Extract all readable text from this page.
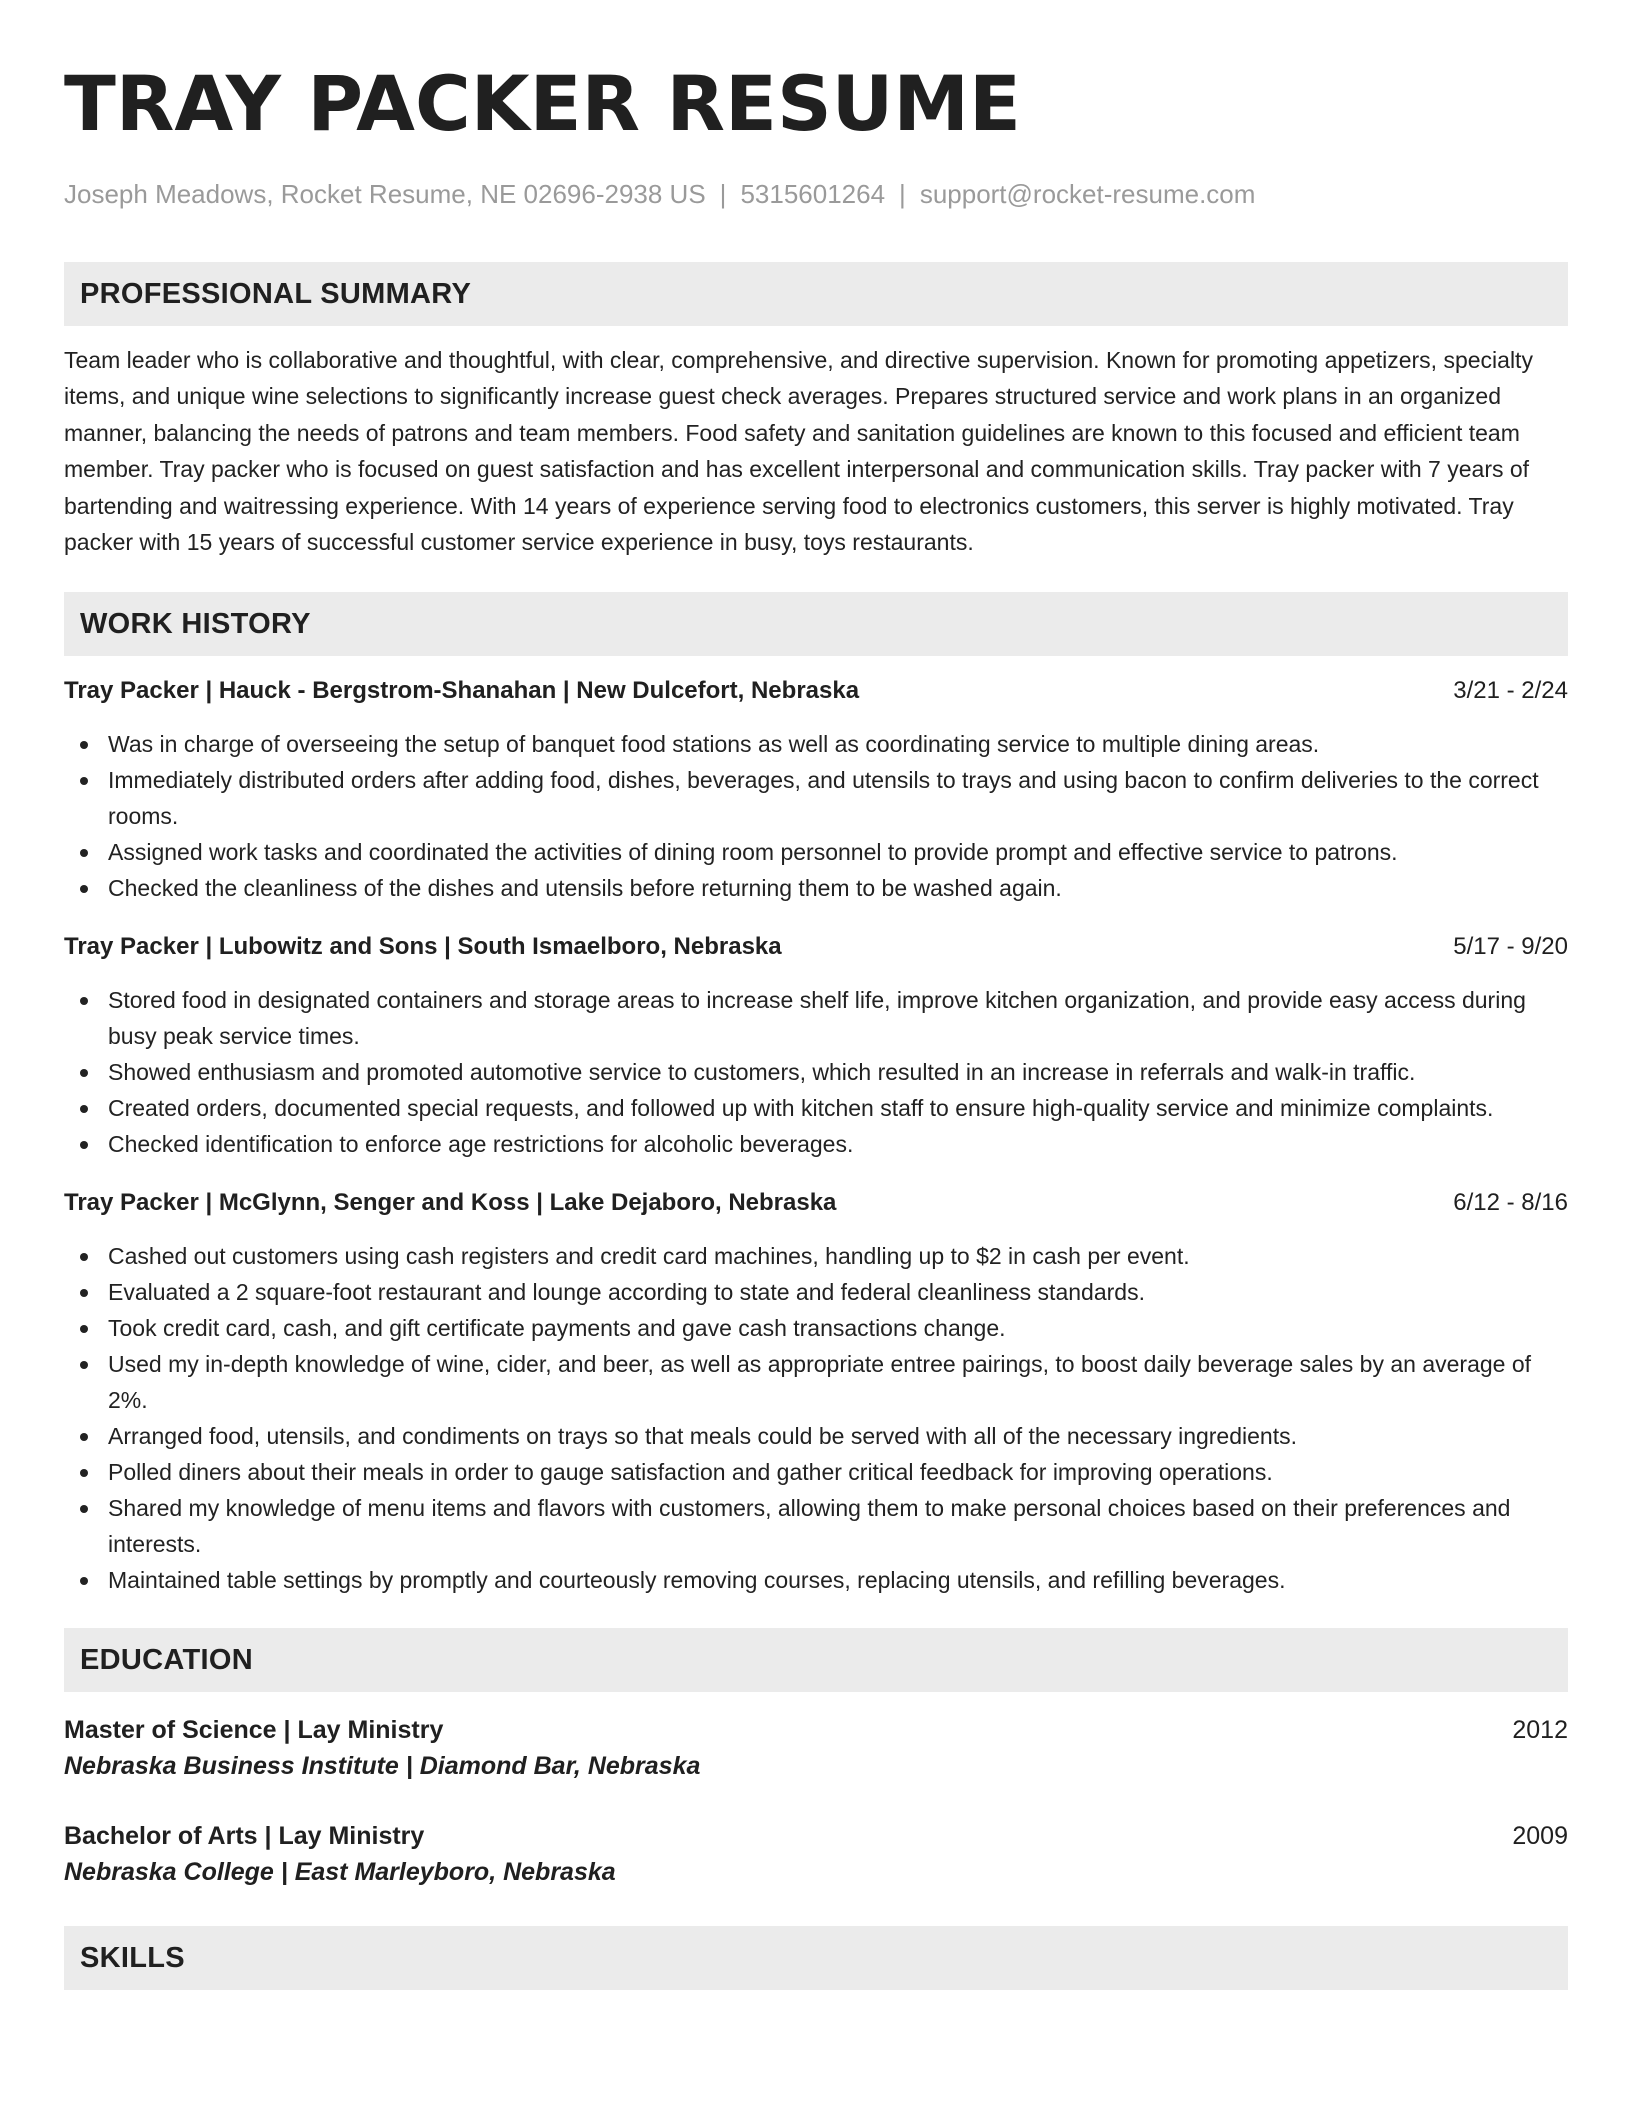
TRAY PACKER RESUME
Joseph Meadows, Rocket Resume, NE 02696-2938 US | 5315601264 | support@rocket-resume.com
PROFESSIONAL SUMMARY

Team leader who is collaborative and thoughtful, with clear, comprehensive, and directive supervision. Known for promoting appetizers, specialty items, and unique wine selections to significantly increase guest check averages. Prepares structured service and work plans in an organized manner, balancing the needs of patrons and team members. Food safety and sanitation guidelines are known to this focused and efficient team member. Tray packer who is focused on guest satisfaction and has excellent interpersonal and communication skills. Tray packer with 7 years of bartending and waitressing experience. With 14 years of experience serving food to electronics customers, this server is highly motivated. Tray packer with 15 years of successful customer service experience in busy, toys restaurants.

WORK HISTORY
Tray Packer | Hauck - Bergstrom-Shanahan | New Dulcefort, Nebraska	3/21 - 2/24
Was in charge of overseeing the setup of banquet food stations as well as coordinating service to multiple dining areas.
Immediately distributed orders after adding food, dishes, beverages, and utensils to trays and using bacon to confirm deliveries to the correct rooms.
Assigned work tasks and coordinated the activities of dining room personnel to provide prompt and effective service to patrons.
Checked the cleanliness of the dishes and utensils before returning them to be washed again.
Tray Packer | Lubowitz and Sons | South Ismaelboro, Nebraska	5/17 - 9/20
Stored food in designated containers and storage areas to increase shelf life, improve kitchen organization, and provide easy access during busy peak service times.
Showed enthusiasm and promoted automotive service to customers, which resulted in an increase in referrals and walk-in traffic.
Created orders, documented special requests, and followed up with kitchen staff to ensure high-quality service and minimize complaints.
Checked identification to enforce age restrictions for alcoholic beverages.
Tray Packer | McGlynn, Senger and Koss | Lake Dejaboro, Nebraska	6/12 - 8/16
Cashed out customers using cash registers and credit card machines, handling up to $2 in cash per event.
Evaluated a 2 square-foot restaurant and lounge according to state and federal cleanliness standards.
Took credit card, cash, and gift certificate payments and gave cash transactions change.
Used my in-depth knowledge of wine, cider, and beer, as well as appropriate entree pairings, to boost daily beverage sales by an average of 2%.
Arranged food, utensils, and condiments on trays so that meals could be served with all of the necessary ingredients.
Polled diners about their meals in order to gauge satisfaction and gather critical feedback for improving operations.
Shared my knowledge of menu items and flavors with customers, allowing them to make personal choices based on their preferences and interests.
Maintained table settings by promptly and courteously removing courses, replacing utensils, and refilling beverages.
EDUCATION
Master of Science | Lay Ministry	2012
Nebraska Business Institute | Diamond Bar, Nebraska
Bachelor of Arts | Lay Ministry	2009
Nebraska College | East Marleyboro, Nebraska
SKILLS
